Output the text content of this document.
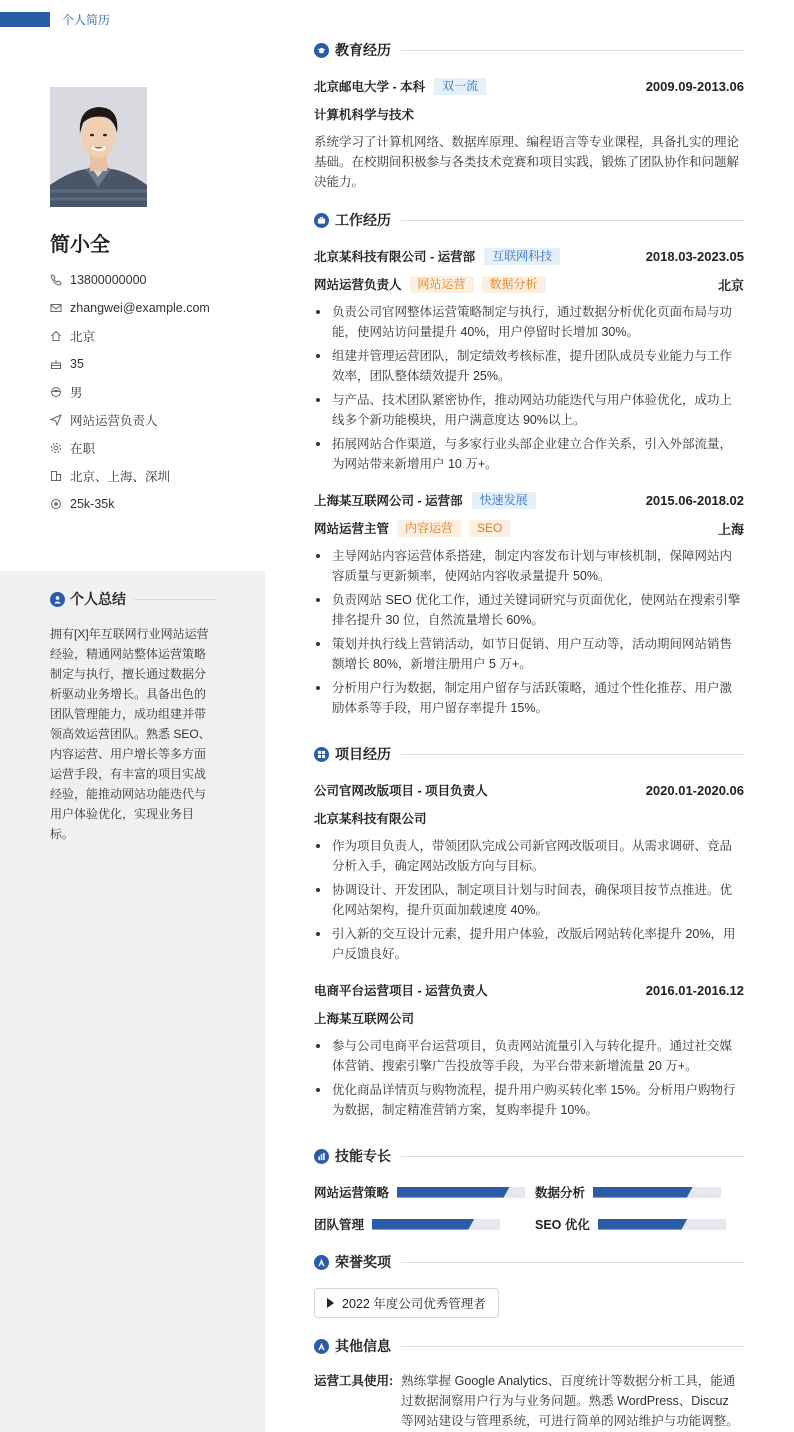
个人简历
简小全
13800000000
zhangwei@example.com
北京
35
男
网站运营负责人
在职
北京、上海、深圳
25k-35k
个人总结
拥有[X]年互联网行业网站运营经验，精通网站整体运营策略制定与执行，擅长通过数据分析驱动业务增长。具备出色的团队管理能力，成功组建并带领高效运营团队。熟悉 SEO、内容运营、用户增长等多方面运营手段，有丰富的项目实战经验，能推动网站功能迭代与用户体验优化，实现业务目标。
教育经历
北京邮电大学 - 本科	双一流	2009.09-2013.06
计算机科学与技术
系统学习了计算机网络、数据库原理、编程语言等专业课程，具备扎实的理论基础。在校期间积极参与各类技术竞赛和项目实践，锻炼了团队协作和问题解决能力。
工作经历
北京某科技有限公司 - 运营部	互联网科技	2018.03-2023.05
网站运营负责人	网站运营	数据分析	北京
负责公司官网整体运营策略制定与执行，通过数据分析优化页面布局与功能，使网站访问量提升 40%，用户停留时长增加 30%。
组建并管理运营团队，制定绩效考核标准，提升团队成员专业能力与工作效率，团队整体绩效提升 25%。
与产品、技术团队紧密协作，推动网站功能迭代与用户体验优化，成功上线多个新功能模块，用户满意度达 90%以上。
拓展网站合作渠道，与多家行业头部企业建立合作关系，引入外部流量，为网站带来新增用户 10 万+。
上海某互联网公司 - 运营部	快速发展	2015.06-2018.02
网站运营主管	内容运营	SEO	上海
主导网站内容运营体系搭建，制定内容发布计划与审核机制，保障网站内容质量与更新频率，使网站内容收录量提升 50%。
负责网站 SEO 优化工作，通过关键词研究与页面优化，使网站在搜索引擎排名提升 30 位，自然流量增长 60%。
策划并执行线上营销活动，如节日促销、用户互动等，活动期间网站销售额增长 80%，新增注册用户 5 万+。
分析用户行为数据，制定用户留存与活跃策略，通过个性化推荐、用户激励体系等手段，用户留存率提升 15%。
项目经历
公司官网改版项目 - 项目负责人	2020.01-2020.06
北京某科技有限公司
作为项目负责人，带领团队完成公司新官网改版项目。从需求调研、竞品分析入手，确定网站改版方向与目标。
协调设计、开发团队，制定项目计划与时间表，确保项目按节点推进。优化网站架构，提升页面加载速度 40%。
引入新的交互设计元素，提升用户体验，改版后网站转化率提升 20%，用户反馈良好。
电商平台运营项目 - 运营负责人	2016.01-2016.12
上海某互联网公司
参与公司电商平台运营项目，负责网站流量引入与转化提升。通过社交媒体营销、搜索引擎广告投放等手段，为平台带来新增流量 20 万+。
优化商品详情页与购物流程，提升用户购买转化率 15%。分析用户购物行为数据，制定精准营销方案，复购率提升 10%。
技能专长
网站运营策略	数据分析
团队管理	SEO 优化
荣誉奖项
2022 年度公司优秀管理者
其他信息
运营工具使用: 熟练掌握 Google Analytics、百度统计等数据分析工具，能通过数据洞察用户行为与业务问题。熟悉 WordPress、Discuz 等网站建设与管理系统，可进行简单的网站维护与功能调整。
